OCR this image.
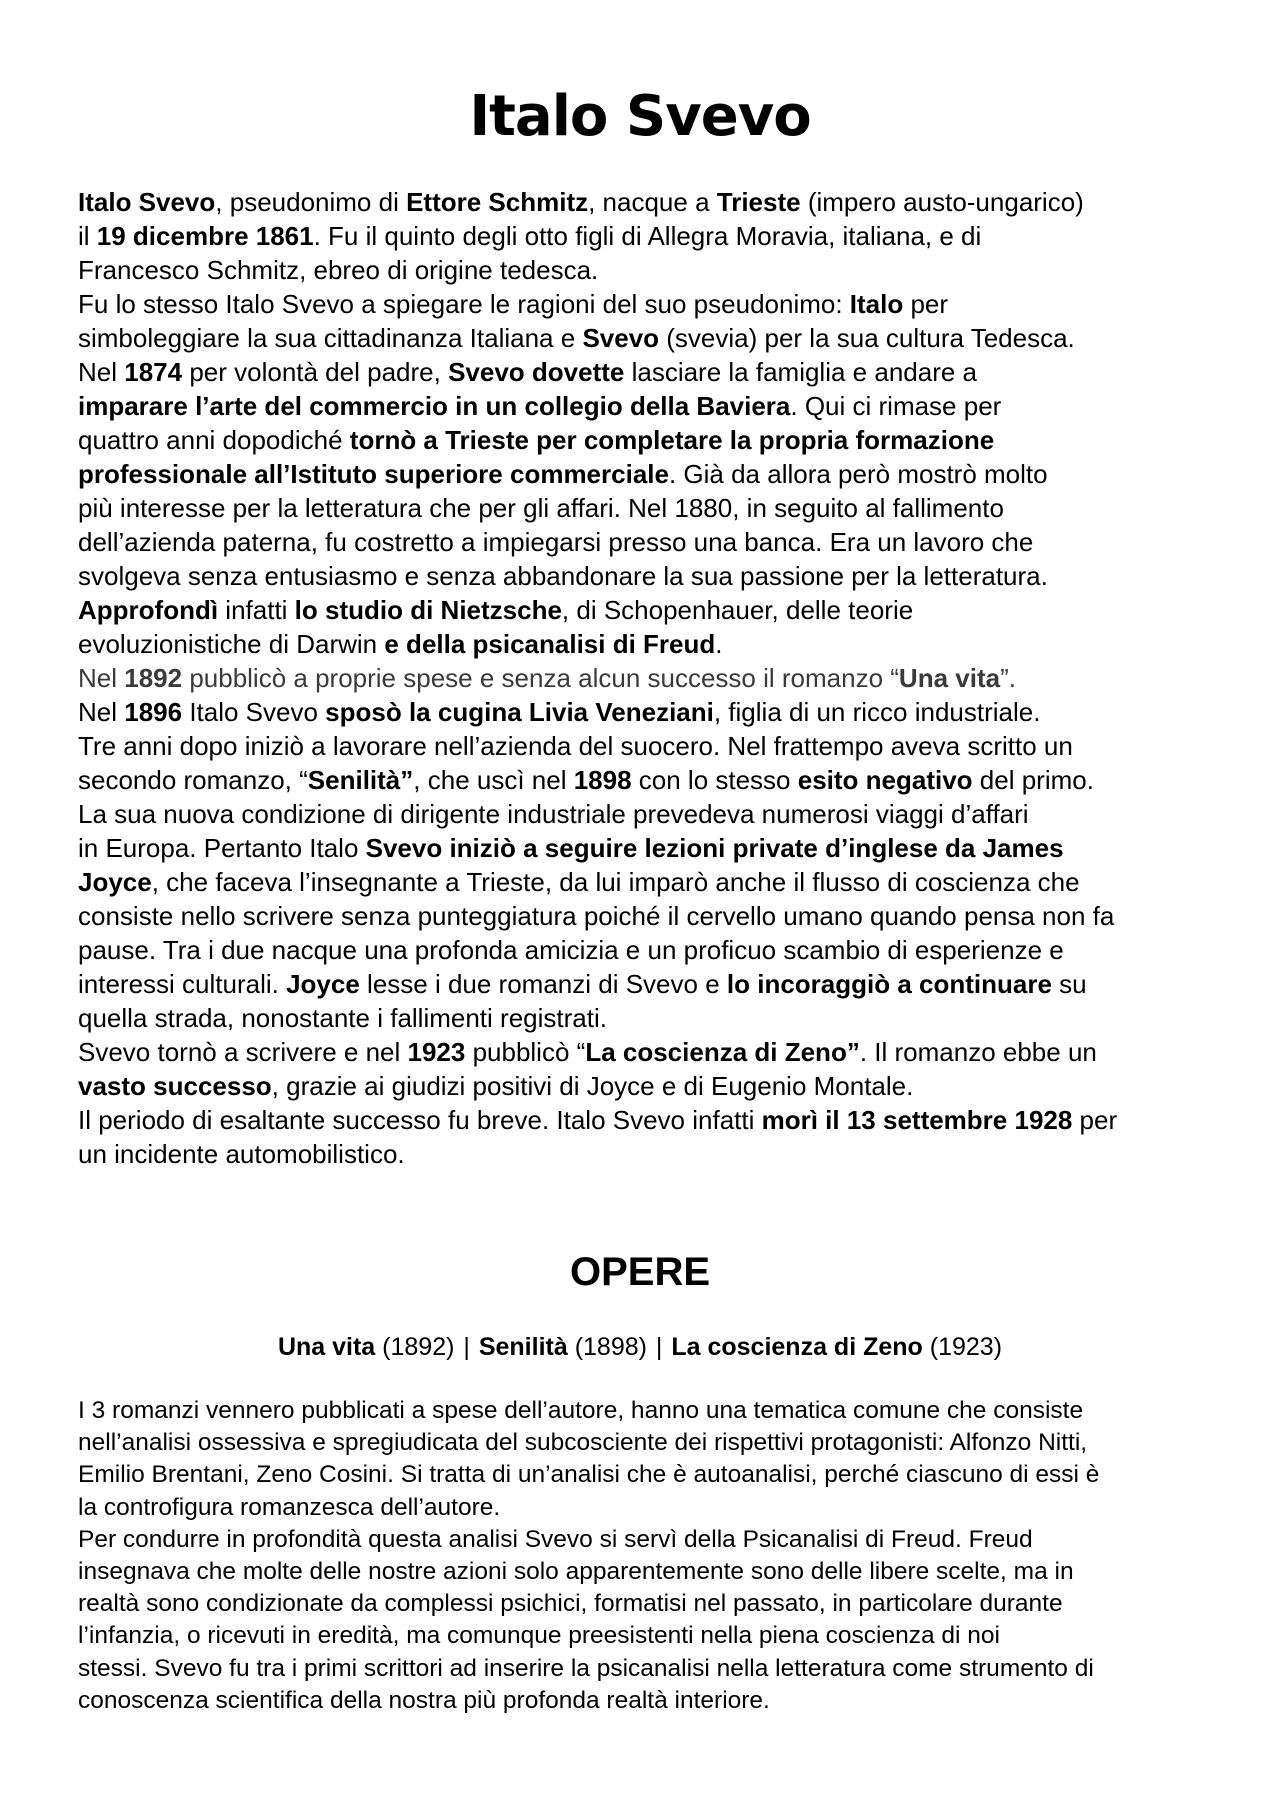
Italo Svevo
Italo Svevo, pseudonimo di Ettore Schmitz, nacque a Trieste (impero austo-ungarico)
il 19 dicembre 1861. Fu il quinto degli otto figli di Allegra Moravia, italiana, e di
Francesco Schmitz, ebreo di origine tedesca.
Fu lo stesso Italo Svevo a spiegare le ragioni del suo pseudonimo: Italo per
simboleggiare la sua cittadinanza Italiana e Svevo (svevia) per la sua cultura Tedesca.
Nel 1874 per volontà del padre, Svevo dovette lasciare la famiglia e andare a
imparare l’arte del commercio in un collegio della Baviera. Qui ci rimase per
quattro anni dopodiché tornò a Trieste per completare la propria formazione
professionale all’Istituto superiore commerciale. Già da allora però mostrò molto
più interesse per la letteratura che per gli affari. Nel 1880, in seguito al fallimento
dell’azienda paterna, fu costretto a impiegarsi presso una banca. Era un lavoro che
svolgeva senza entusiasmo e senza abbandonare la sua passione per la letteratura.
Approfondì infatti lo studio di Nietzsche, di Schopenhauer, delle teorie
evoluzionistiche di Darwin e della psicanalisi di Freud.
Nel 1892 pubblicò a proprie spese e senza alcun successo il romanzo “Una vita”.
Nel 1896 Italo Svevo sposò la cugina Livia Veneziani, figlia di un ricco industriale.
Tre anni dopo iniziò a lavorare nell’azienda del suocero. Nel frattempo aveva scritto un
secondo romanzo, “Senilità”, che uscì nel 1898 con lo stesso esito negativo del primo.
La sua nuova condizione di dirigente industriale prevedeva numerosi viaggi d’affari
in Europa. Pertanto Italo Svevo iniziò a seguire lezioni private d’inglese da James
Joyce, che faceva l’insegnante a Trieste, da lui imparò anche il flusso di coscienza che
consiste nello scrivere senza punteggiatura poiché il cervello umano quando pensa non fa
pause. Tra i due nacque una profonda amicizia e un proficuo scambio di esperienze e
interessi culturali. Joyce lesse i due romanzi di Svevo e lo incoraggiò a continuare su
quella strada, nonostante i fallimenti registrati.
Svevo tornò a scrivere e nel 1923 pubblicò “La coscienza di Zeno”. Il romanzo ebbe un
vasto successo, grazie ai giudizi positivi di Joyce e di Eugenio Montale.
Il periodo di esaltante successo fu breve. Italo Svevo infatti morì il 13 settembre 1928 per
un incidente automobilistico.
OPERE
Una vita (1892) | Senilità (1898) | La coscienza di Zeno (1923)
I 3 romanzi vennero pubblicati a spese dell’autore, hanno una tematica comune che consiste
nell’analisi ossessiva e spregiudicata del subcosciente dei rispettivi protagonisti: Alfonzo Nitti,
Emilio Brentani, Zeno Cosini. Si tratta di un’analisi che è autoanalisi, perché ciascuno di essi è
la controfigura romanzesca dell’autore.
Per condurre in profondità questa analisi Svevo si servì della Psicanalisi di Freud. Freud
insegnava che molte delle nostre azioni solo apparentemente sono delle libere scelte, ma in
realtà sono condizionate da complessi psichici, formatisi nel passato, in particolare durante
l’infanzia, o ricevuti in eredità, ma comunque preesistenti nella piena coscienza di noi
stessi. Svevo fu tra i primi scrittori ad inserire la psicanalisi nella letteratura come strumento di
conoscenza scientifica della nostra più profonda realtà interiore.
